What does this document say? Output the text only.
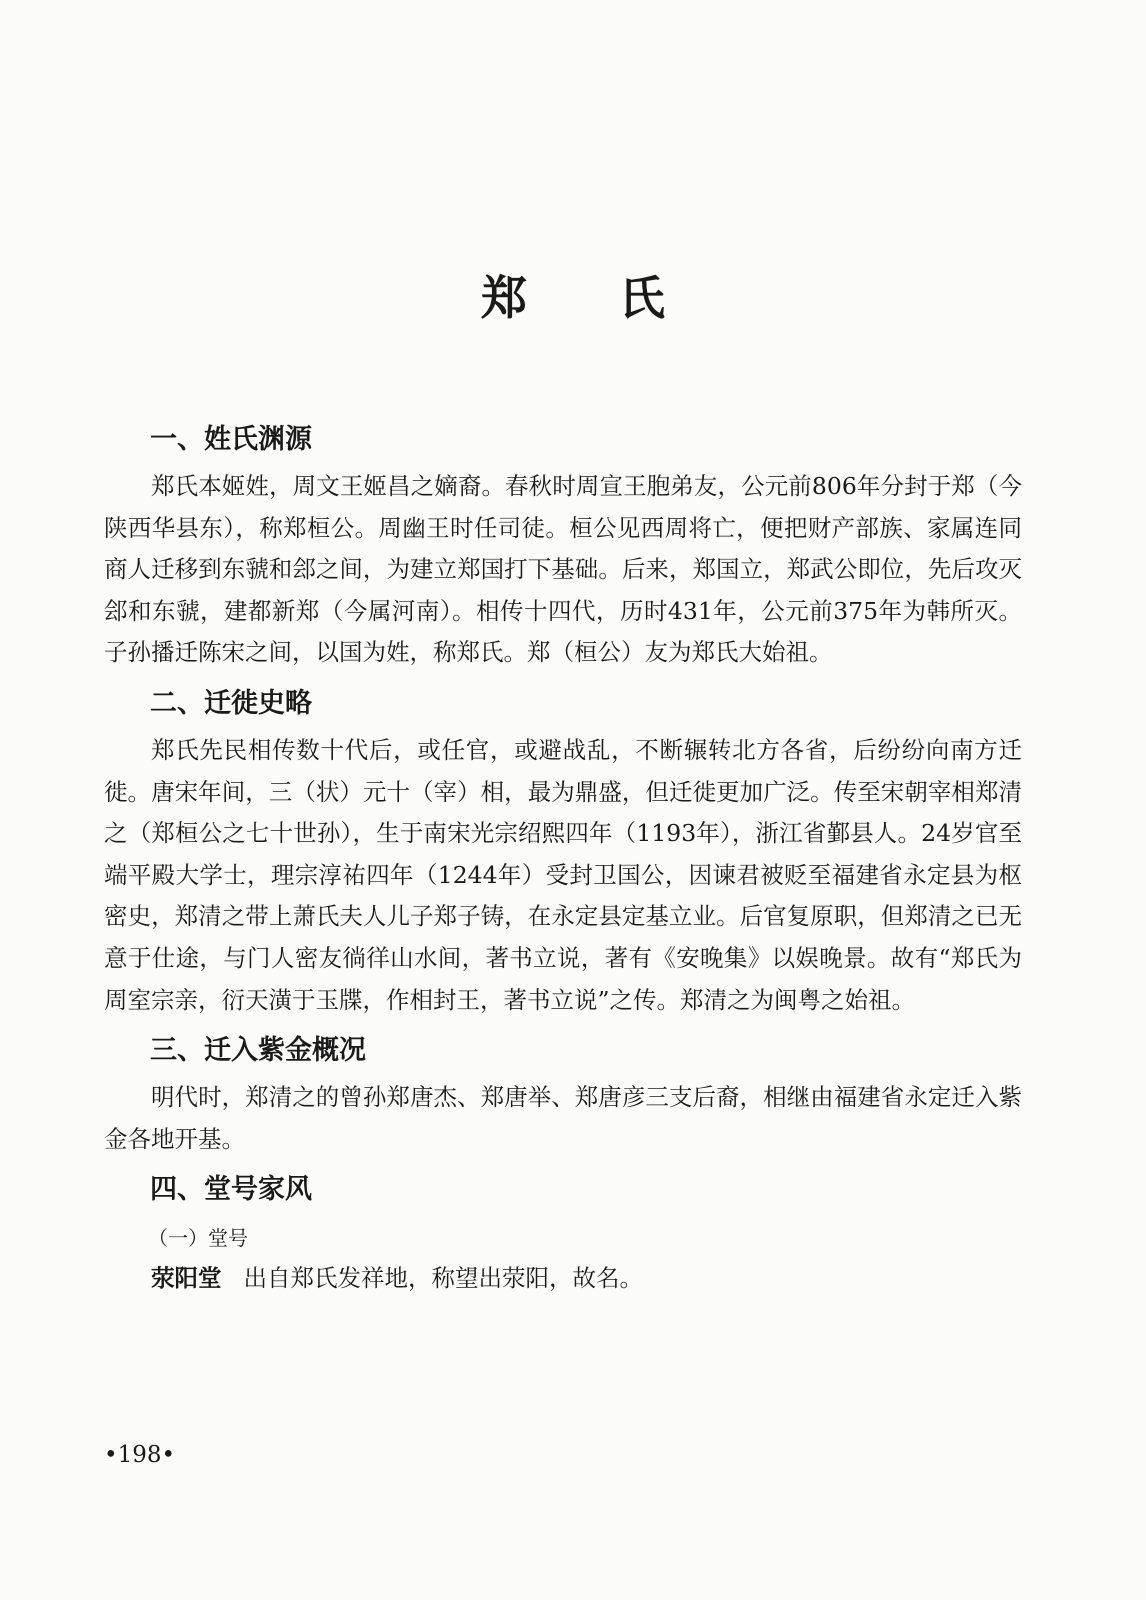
郑 氏
一、姓氏渊源

郑氏本姬姓，周文王姬昌之嫡裔。春秋时周宣王胞弟友，公元前806年分封于郑（今陕西华县东），称郑桓公。周幽王时任司徒。桓公见西周将亡，便把财产部族、家属连同商人迁移到东虢和郐之间，为建立郑国打下基础。后来，郑国立，郑武公即位，先后攻灭郐和东虢，建都新郑（今属河南）。相传十四代，历时431年，公元前375年为韩所灭。子孙播迁陈宋之间，以国为姓，称郑氏。郑（桓公）友为郑氏大始祖。

二、迁徙史略

郑氏先民相传数十代后，或任官，或避战乱，不断辗转北方各省，后纷纷向南方迁徙。唐宋年间，三（状）元十（宰）相，最为鼎盛，但迁徙更加广泛。传至宋朝宰相郑清之（郑桓公之七十世孙），生于南宋光宗绍熙四年（1193年），浙江省鄞县人。24岁官至端平殿大学士，理宗淳祐四年（1244年）受封卫国公，因谏君被贬至福建省永定县为枢密史，郑清之带上萧氏夫人儿子郑子铸，在永定县定基立业。后官复原职，但郑清之已无意于仕途，与门人密友徜徉山水间，著书立说，著有《安晚集》以娱晚景。故有“郑氏为周室宗亲，衍天潢于玉牒，作相封王，著书立说”之传。郑清之为闽粤之始祖。

三、迁入紫金概况

明代时，郑清之的曾孙郑唐杰、郑唐举、郑唐彦三支后裔，相继由福建省永定迁入紫金各地开基。

四、堂号家风
（一）堂号
荥阳堂 出自郑氏发祥地，称望出荥阳，故名。
•198•
